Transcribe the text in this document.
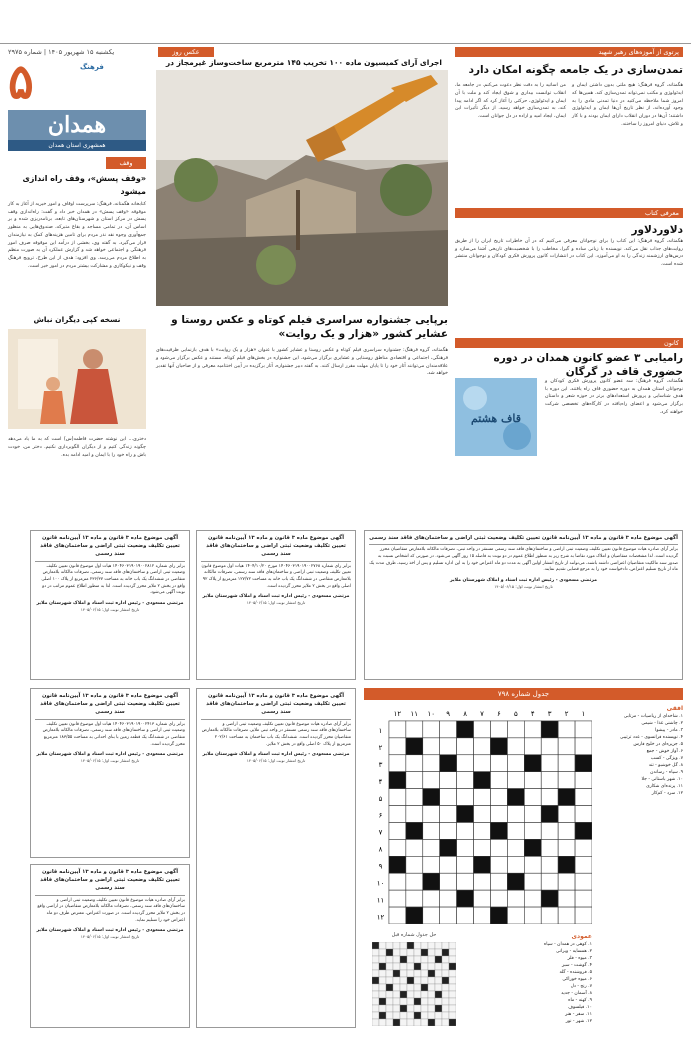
یکشنبه ۱۵ شهریور ۱۴۰۵ | شماره ۲۹۷۵
۵	فرهنگ
همدان
همشهری استان همدان
وقف
«وقف پسش»، وقف راه اندازی میشود
کتابخانه هگمتانه، فرهنگ: سرپرست اوقاف و امور خیریه از آغاز به کار موقوفه «وقف پسش» در همدان خبر داد و گفت: راه‌اندازی وقف پسش در مرکز استان و شهرستان‌های تابعه، برنامه‌ریزی شده و بر اساس آن، در تمامی مساجد و بقاع متبرکه، صندوق‌هایی به منظور جمع‌آوری وجوه نقد نذر مردم برای تامین هزینه‌های کمک به نیازمندان قرار می‌گیرد. به گفته وی، بخشی از درآمد این موقوفه صرف امور فرهنگی و اجتماعی خواهد شد و گزارش عملکرد آن به صورت منظم به اطلاع مردم می‌رسد. وی افزود: هدف از این طرح، ترویج فرهنگ وقف و نیکوکاری و مشارکت بیشتر مردم در امور خیر است.
عکس روز
اجرای آرای کمیسیون ماده ۱۰۰ تخریب ۱۴۵ مترمربع ساخت‌وساز غیرمجاز در
پرتوی از آموزه‌های رهبر شهید
تمدن‌سازی در یک جامعه چگونه امکان دارد
هگمتانه، گروه فرهنگ: هیچ ملتی بدون داشتن ایمان و ایدئولوژی و مکتب نمی‌تواند تمدن‌سازی کند. همین‌ها که امروز شما ملاحظه می‌کنید در دنیا تمدنی مادی را به وجود آورده‌اند، از نظر تاریخ آن‌ها ایمان و ایدئولوژی داشتند؛ آن‌ها در دوران انقلاب دارای ایمان بودند و با کار و تلاش، دنیای امروز را ساختند.
من اساتید را به دقت نظر دعوت می‌کنم. در جامعه ما، انقلاب توانست بیداری و شوق ایجاد کند و ملت با آن ایمان و ایدئولوژی، حرکتی را آغاز کرد که اگر ادامه پیدا کند، به تمدن‌سازی خواهد رسید. از دیگر تأثیرات این ایمان، ایجاد امید و اراده در دل جوانان است.
معرفی کتاب
دلاوردلاور
هگمتانه، گروه فرهنگ: این کتاب را برای نوجوانان معرفی می‌کنیم که در آن خاطرات تاریخ ایران را از طریق روایت‌های جذاب نقل می‌کند. نویسنده با زبانی ساده و گیرا، مخاطب را با شخصیت‌های تاریخی آشنا می‌سازد و درس‌های ارزشمند زندگی را به او می‌آموزد. این کتاب در انتشارات کانون پرورش فکری کودکان و نوجوانان منتشر شده است.
برپایی جشنواره سراسری فیلم کوتاه و عکس روستا و عشایر کشور «هزار و یک روایت»
هگمتانه، گروه فرهنگ: جشنواره سراسری فیلم کوتاه و عکس روستا و عشایر کشور با عنوان «هزار و یک روایت» با هدف بازنمایی ظرفیت‌های فرهنگی، اجتماعی و اقتصادی مناطق روستایی و عشایری برگزار می‌شود. این جشنواره در بخش‌های فیلم کوتاه، مستند و عکس برگزار می‌شود و علاقه‌مندان می‌توانند آثار خود را تا پایان مهلت مقرر ارسال کنند. به گفته دبیر جشنواره، آثار برگزیده در آیین اختتامیه معرفی و از صاحبان آنها تقدیر خواهد شد.
نسخه کپی دیگران نباش
دختری... این نوشته حضرت فاطمه(س) است که به ما یاد می‌دهد چگونه زندگی کنیم و از دیگران الگوبرداری نکنیم. دختر من، خودت باش و راه خود را با ایمان و امید ادامه بده.
کانون
رامیابی ۳ عضو کانون همدان در دوره حضوری قاف در گرگان
قاف هشتم
هگمتانه، گروه فرهنگ: سه عضو کانون پرورش فکری کودکان و نوجوانان استان همدان به دوره حضوری قاف راه یافتند. این دوره با هدف شناسایی و پرورش استعدادهای برتر در حوزه شعر و داستان برگزار می‌شود و اعضای راه‌یافته در کارگاه‌های تخصصی شرکت خواهند کرد.
آگهی موضوع ماده ۳ قانون و ماده ۱۳ آیین‌نامه قانون تعیین تکلیف وضعیت ثبتی اراضی و ساختمان‌های فاقد سند رسمی
برابر آرای صادره هیات موضوع قانون تعیین تکلیف وضعیت ثبتی اراضی و ساختمان‌های فاقد سند رسمی مستقر در واحد ثبتی، تصرفات مالکانه بلامعارض متقاضیان محرز گردیده است. لذا مشخصات متقاضیان و املاک مورد تقاضا به شرح زیر به منظور اطلاع عموم در دو نوبت به فاصله ۱۵ روز آگهی می‌شود. در صورتی که اشخاص نسبت به صدور سند مالکیت متقاضیان اعتراضی داشته باشند، می‌توانند از تاریخ انتشار اولین آگهی به مدت دو ماه اعتراض خود را به این اداره تسلیم و پس از اخذ رسید، ظرف مدت یک ماه از تاریخ تسلیم اعتراض، دادخواست خود را به مرجع قضایی تقدیم نمایند.
مرتضی مسعودی - رئیس اداره ثبت اسناد و املاک شهرستان ملایر
تاریخ انتشار نوبت اول: ۱۴۰۵/۰۶/۱۵
آگهی موضوع ماده ۳ قانون و ماده ۱۳ آیین‌نامه قانون تعیین تکلیف وضعیت ثبتی اراضی و ساختمان‌های فاقد سند رسمی
برابر رای شماره ۱۴۰۴۶۰۳۱۹۰۱۹۰۰۲۷۶۸ مورخ ۱۴۰۴/۱۰/۲۰ هیات اول موضوع قانون تعیین تکلیف وضعیت ثبتی اراضی و ساختمان‌های فاقد سند رسمی، تصرفات مالکانه بلامعارض متقاضی در ششدانگ یک باب خانه به مساحت ۱۲۷/۷۲ مترمربع از پلاک ۹۲ اصلی واقع در بخش ۲ ملایر محرز گردیده است.
مرتضی مسعودی - رئیس اداره ثبت اسناد و املاک شهرستان ملایر
تاریخ انتشار نوبت اول: ۱۴۰۵/۰۶/۱۵
آگهی موضوع ماده ۳ قانون و ماده ۱۳ آیین‌نامه قانون تعیین تکلیف وضعیت ثبتی اراضی و ساختمان‌های فاقد سند رسمی
برابر رای شماره ۱۴۰۴۶۰۳۱۹۰۱۹۰۰۲۸۱۲ هیات اول موضوع قانون تعیین تکلیف وضعیت ثبتی اراضی و ساختمان‌های فاقد سند رسمی، تصرفات مالکانه بلامعارض متقاضی در ششدانگ یک باب خانه به مساحت ۲۳۶/۳۷ مترمربع از پلاک ۱۰۰ اصلی واقع در بخش ۲ ملایر محرز گردیده است. لذا به منظور اطلاع عموم مراتب در دو نوبت آگهی می‌شود.
مرتضی مسعودی - رئیس اداره ثبت اسناد و املاک شهرستان ملایر
تاریخ انتشار نوبت اول: ۱۴۰۵/۰۶/۱۵
آگهی موضوع ماده ۳ قانون و ماده ۱۳ آیین‌نامه قانون تعیین تکلیف وضعیت ثبتی اراضی و ساختمان‌های فاقد سند رسمی
برابر آرای صادره هیات موضوع قانون تعیین تکلیف وضعیت ثبتی اراضی و ساختمان‌های فاقد سند رسمی مستقر در واحد ثبتی ملایر، تصرفات مالکانه بلامعارض متقاضیان محرز گردیده است. ششدانگ یک باب ساختمان به مساحت ۲۰۲/۶۱ مترمربع از پلاک ۵۰ اصلی واقع در بخش ۲ ملایر.
مرتضی مسعودی - رئیس اداره ثبت اسناد و املاک شهرستان ملایر
تاریخ انتشار نوبت اول: ۱۴۰۵/۰۶/۱۵
آگهی موضوع ماده ۳ قانون و ماده ۱۳ آیین‌نامه قانون تعیین تکلیف وضعیت ثبتی اراضی و ساختمان‌های فاقد سند رسمی
برابر رای شماره ۱۴۰۴۶۰۳۱۹۰۱۹۰۰۲۴۱۳ هیات اول موضوع قانون تعیین تکلیف وضعیت ثبتی اراضی و ساختمان‌های فاقد سند رسمی، تصرفات مالکانه بلامعارض متقاضی در ششدانگ یک قطعه زمین با بنای احداثی به مساحت ۱۸۳/۵۵ مترمربع محرز گردیده است.
مرتضی مسعودی - رئیس اداره ثبت اسناد و املاک شهرستان ملایر
تاریخ انتشار نوبت اول: ۱۴۰۵/۰۶/۱۵
آگهی موضوع ماده ۳ قانون و ماده ۱۳ آیین‌نامه قانون تعیین تکلیف وضعیت ثبتی اراضی و ساختمان‌های فاقد سند رسمی
برابر آرای صادره هیات موضوع قانون تعیین تکلیف وضعیت ثبتی اراضی و ساختمان‌های فاقد سند رسمی، تصرفات مالکانه بلامعارض متقاضیان در اراضی واقع در بخش ۲ ملایر محرز گردیده است. در صورت اعتراض، معترض ظرف دو ماه اعتراض خود را تسلیم نماید.
مرتضی مسعودی - رئیس اداره ثبت اسناد و املاک شهرستان ملایر
تاریخ انتشار نوبت اول: ۱۴۰۵/۰۶/۱۵
جدول شماره ۷۹۸
۱
۱
۲
۲
۳
۳
۴
۴
۵
۵
۶
۶
۷
۷
۸
۸
۹
۹
۱۰
۱۰
۱۱
۱۱
۱۲
۱۲
افقی
۱. شاخه‌ای از ریاضیات - مرتابی
۲. چاشنی غذا - شیمی
۳. مادر - پیشوا
۴. نویسنده فرانسوی - عدد ترتیبی
۵. جزیره‌ای در خلیج فارس
۶. آواز خوش - جمع
۷. ویژگی - کسب
۸. گل خوشبو - تند
۹. سپاه - رساندن
۱۰. شهر باستانی - جلا
۱۱. پرنده‌ای شکاری
۱۲. سرد - کم‌کار
حل جدول شماره قبل	عمودی
۱. کوهی در همدان - سپاه
۲. همسایه - ویرانی
۳. میوه - فلز
۴. گوشت - سبز
۵. فروشنده - گله
۶. میوه خوراکی
۷. رنج - دل
۸. آسمان - جدید
۹. کهنه - ماه
۱۰. فیلسوف
۱۱. سفر - هنر
۱۲. شهر - نور
